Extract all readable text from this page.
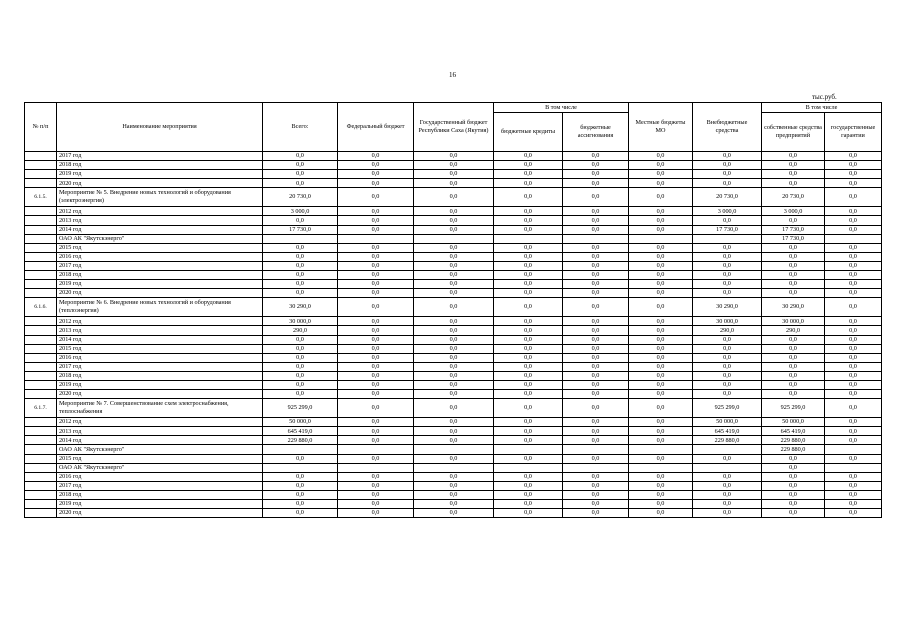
16
тыс.руб.
№ п/п	Наименование мероприятия	Всего:	Федеральный бюджет	Государственный бюджет Республики Саха (Якутия)	В том числе		Местные бюджеты МО	Внебюджетные средства	В том числе	
					бюджетные кредиты	бюджетные ассигнования			собственные средства предприятий	государственные гарантии
	2017 год	0,0	0,0	0,0	0,0	0,0	0,0	0,0	0,0	0,0
	2018 год	0,0	0,0	0,0	0,0	0,0	0,0	0,0	0,0	0,0
	2019 год	0,0	0,0	0,0	0,0	0,0	0,0	0,0	0,0	0,0
	2020 год	0,0	0,0	0,0	0,0	0,0	0,0	0,0	0,0	0,0
6.1.5.	Мероприятие № 5. Внедрение новых технологий и оборудования (электроэнергия)	20 730,0	0,0	0,0	0,0	0,0	0,0	20 730,0	20 730,0	0,0
	2012 год	3 000,0	0,0	0,0	0,0	0,0	0,0	3 000,0	3 000,0	0,0
	2013 год	0,0	0,0	0,0	0,0	0,0	0,0	0,0	0,0	0,0
	2014 год	17 730,0	0,0	0,0	0,0	0,0	0,0	17 730,0	17 730,0	0,0
	ОАО АК "Якутскэнерго"								17 730,0	
	2015 год	0,0	0,0	0,0	0,0	0,0	0,0	0,0	0,0	0,0
	2016 год	0,0	0,0	0,0	0,0	0,0	0,0	0,0	0,0	0,0
	2017 год	0,0	0,0	0,0	0,0	0,0	0,0	0,0	0,0	0,0
	2018 год	0,0	0,0	0,0	0,0	0,0	0,0	0,0	0,0	0,0
	2019 год	0,0	0,0	0,0	0,0	0,0	0,0	0,0	0,0	0,0
	2020 год	0,0	0,0	0,0	0,0	0,0	0,0	0,0	0,0	0,0
6.1.6.	Мероприятие № 6. Внедрение новых технологий и оборудования (теплоэнергия)	30 290,0	0,0	0,0	0,0	0,0	0,0	30 290,0	30 290,0	0,0
	2012 год	30 000,0	0,0	0,0	0,0	0,0	0,0	30 000,0	30 000,0	0,0
	2013 год	290,0	0,0	0,0	0,0	0,0	0,0	290,0	290,0	0,0
	2014 год	0,0	0,0	0,0	0,0	0,0	0,0	0,0	0,0	0,0
	2015 год	0,0	0,0	0,0	0,0	0,0	0,0	0,0	0,0	0,0
	2016 год	0,0	0,0	0,0	0,0	0,0	0,0	0,0	0,0	0,0
	2017 год	0,0	0,0	0,0	0,0	0,0	0,0	0,0	0,0	0,0
	2018 год	0,0	0,0	0,0	0,0	0,0	0,0	0,0	0,0	0,0
	2019 год	0,0	0,0	0,0	0,0	0,0	0,0	0,0	0,0	0,0
	2020 год	0,0	0,0	0,0	0,0	0,0	0,0	0,0	0,0	0,0
6.1.7.	Мероприятие № 7. Совершенствование схем электроснабжения, теплоснабжения	925 299,0	0,0	0,0	0,0	0,0	0,0	925 299,0	925 299,0	0,0
	2012 год	50 000,0	0,0	0,0	0,0	0,0	0,0	50 000,0	50 000,0	0,0
	2013 год	645 419,0	0,0	0,0	0,0	0,0	0,0	645 419,0	645 419,0	0,0
	2014 год	229 880,0	0,0	0,0	0,0	0,0	0,0	229 880,0	229 880,0	0,0
	ОАО АК "Якутскэнерго"								229 880,0	
	2015 год	0,0	0,0	0,0	0,0	0,0	0,0	0,0	0,0	0,0
	ОАО АК "Якутскэнерго"								0,0	
	2016 год	0,0	0,0	0,0	0,0	0,0	0,0	0,0	0,0	0,0
	2017 год	0,0	0,0	0,0	0,0	0,0	0,0	0,0	0,0	0,0
	2018 год	0,0	0,0	0,0	0,0	0,0	0,0	0,0	0,0	0,0
	2019 год	0,0	0,0	0,0	0,0	0,0	0,0	0,0	0,0	0,0
	2020 год	0,0	0,0	0,0	0,0	0,0	0,0	0,0	0,0	0,0
